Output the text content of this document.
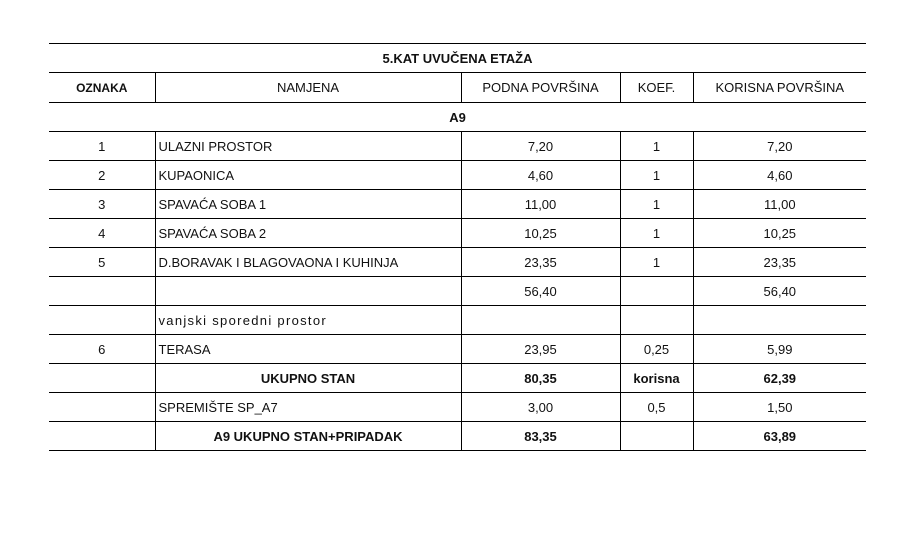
5.KAT UVUČENA ETAŽA				
OZNAKA	NAMJENA	PODNA POVRŠINA	KOEF.	KORISNA POVRŠINA
A9				
1	ULAZNI PROSTOR	7,20	1	7,20
2	KUPAONICA	4,60	1	4,60
3	SPAVAĆA SOBA 1	11,00	1	11,00
4	SPAVAĆA SOBA 2	10,25	1	10,25
5	D.BORAVAK I BLAGOVAONA I KUHINJA	23,35	1	23,35
		56,40		56,40
	vanjski sporedni prostor			
6	TERASA	23,95	0,25	5,99
	UKUPNO STAN	80,35	korisna	62,39
	SPREMIŠTE SP_A7	3,00	0,5	1,50
	A9 UKUPNO STAN+PRIPADAK	83,35		63,89
